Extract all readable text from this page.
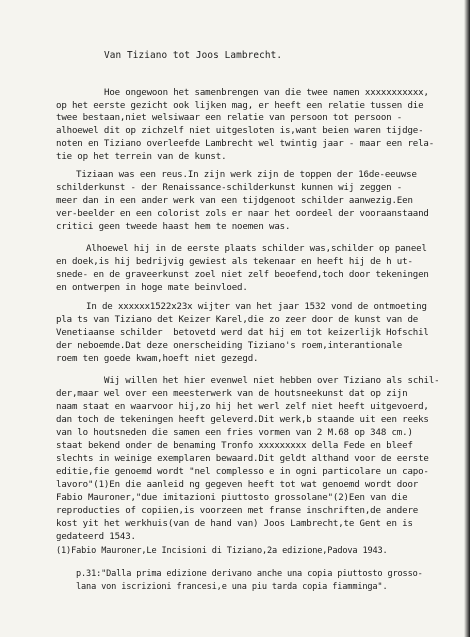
Van Tiziano tot Joos Lambrecht.
Hoe ongewoon het samenbrengen van die twee namen xxxxxxxxxxx,
op het eerste gezicht ook lijken mag, er heeft een relatie tussen die
twee bestaan,niet welsiwaar een relatie van persoon tot persoon -
alhoewel dit op zichzelf niet uitgesloten is,want beien waren tijdge-
noten en Tiziano overleefde Lambrecht wel twintig jaar - maar een rela-
tie op het terrein van de kunst.
Tiziaan was een reus.In zijn werk zijn de toppen der 16de-eeuwse
schilderkunst - der Renaissance-schilderkunst kunnen wij zeggen -
meer dan in een ander werk van een tijdgenoot schilder aanwezig.Een
ver-beelder en een colorist zols er naar het oordeel der vooraanstaand
critici geen tweede haast hem te noemen was.
Alhoewel hij in de eerste plaats schilder was,schilder op paneel
en doek,is hij bedrijvig gewiest als tekenaar en heeft hij de h ut-
snede- en de graveerkunst zoel niet zelf beoefend,toch door tekeningen
en ontwerpen in hoge mate beinvloed.
In de xxxxxx1522x23x wijter van het jaar 1532 vond de ontmoeting
pla ts van Tiziano det Keizer Karel,die zo zeer door de kunst van de
Venetiaanse schilder  betovetd werd dat hij em tot keizerlijk Hofschil
der neboemde.Dat deze onerscheiding Tiziano's roem,interantionale
roem ten goede kwam,hoeft niet gezegd.
Wij willen het hier evenwel niet hebben over Tiziano als schil-
der,maar wel over een meesterwerk van de houtsneekunst dat op zijn
naam staat en waarvoor hij,zo hij het werl zelf niet heeft uitgevoerd,
dan toch de tekeningen heeft geleverd.Dit werk,b staande uit een reeks
van lo houtsneden die samen een fries vormen van 2 M.68 op 348 cm.)
staat bekend onder de benaming Tronfo xxxxxxxxx della Fede en bleef
slechts in weinige exemplaren bewaard.Dit geldt althand voor de eerste
editie,fie genoemd wordt "nel complesso e in ogni particolare un capo-
lavoro"(1)En die aanleid ng gegeven heeft tot wat genoemd wordt door
Fabio Mauroner,"due imitazioni piuttosto grossolane"(2)Een van die
reproducties of copiien,is voorzeen met franse inschriften,de andere
kost yit het werkhuis(van de hand van) Joos Lambrecht,te Gent en is
gedateerd 1543.
(1)Fabio Mauroner,Le Incisioni di Tiziano,2a edizione,Padova 1943.
p.31:"Dalla prima edizione derivano anche una copia piuttosto grosso-
lana von iscrizioni francesi,e una piu tarda copia fiamminga".
